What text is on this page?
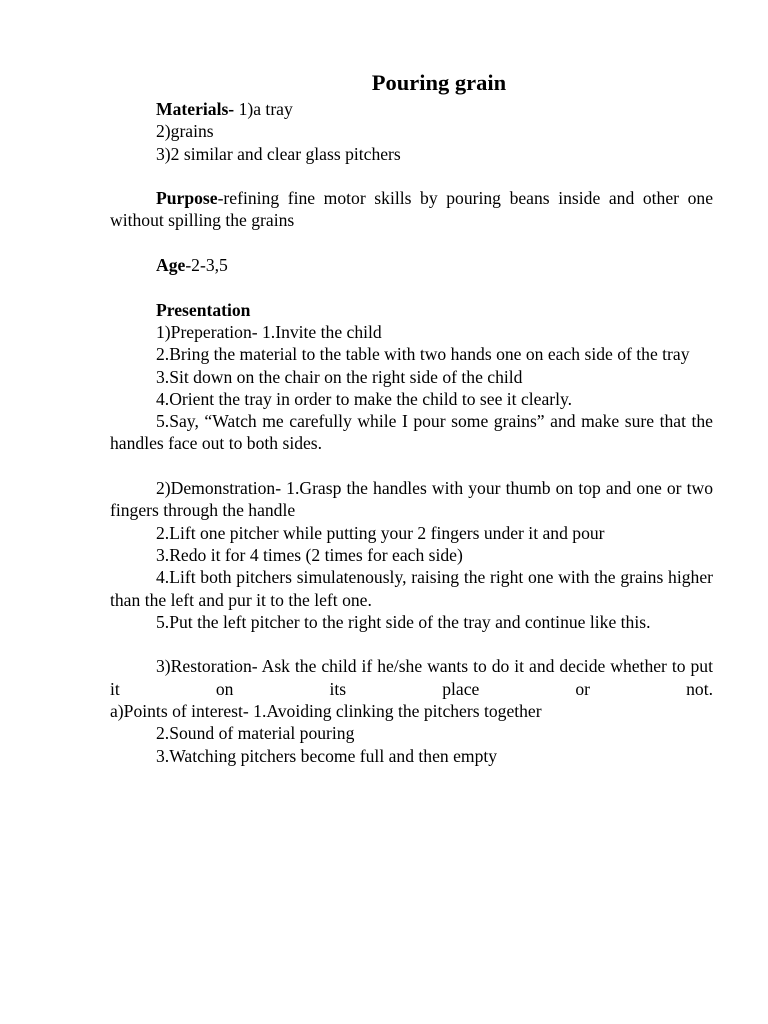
Pouring grain

Materials- 1)a tray

2)grains

3)2 similar and clear glass pitchers

Purpose-refining fine motor skills by pouring beans inside and other one without spilling the grains

Age-2-3,5

Presentation

1)Preperation- 1.Invite the child

2.Bring the material to the table with two hands one on each side of the tray

3.Sit down on the chair on the right side of the child

4.Orient the tray in order to make the child to see it clearly.

5.Say, “Watch me carefully while I pour some grains” and make sure that the handles face out to both sides.

2)Demonstration- 1.Grasp the handles with your thumb on top and one or two fingers through the handle

2.Lift one pitcher while putting your 2 fingers under it and pour

3.Redo it for 4 times (2 times for each side)

4.Lift both pitchers simulatenously, raising the right one with the grains higher than the left and pur it to the left one.

5.Put the left pitcher to the right side of the tray and continue like this.

3)Restoration- Ask the child if he/she wants to do it and decide whether to put it on its place or not.

a)Points of interest- 1.Avoiding clinking the pitchers together

2.Sound of material pouring

3.Watching pitchers become full and then empty
